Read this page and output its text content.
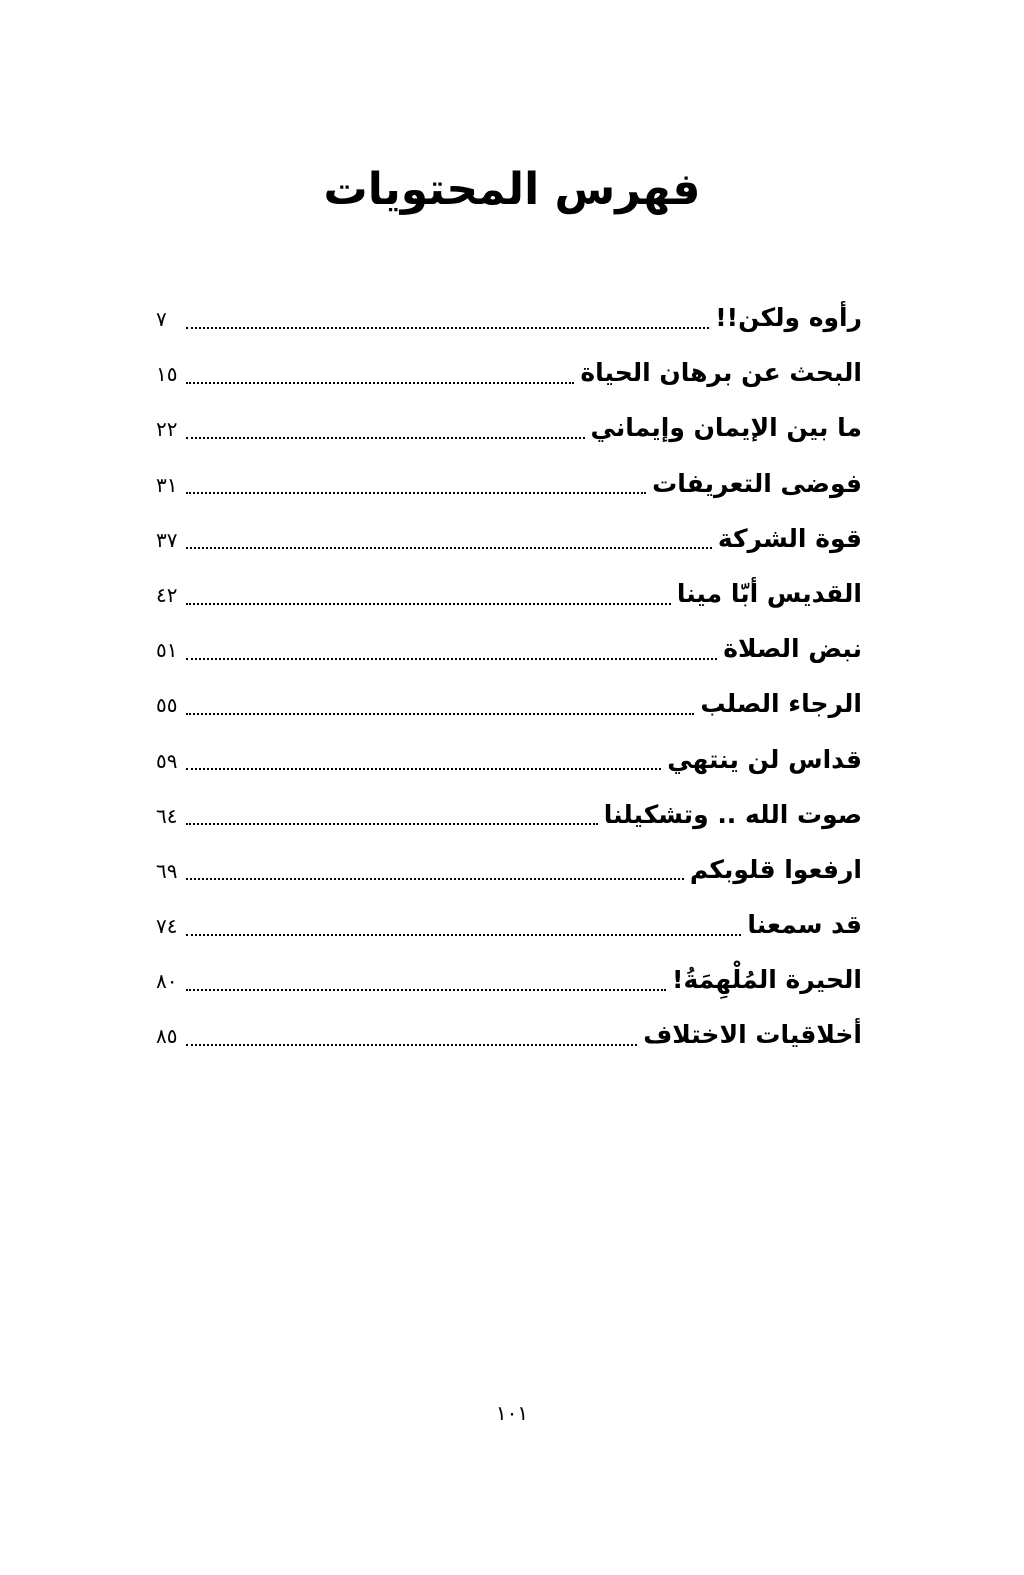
فهرس المحتويات
رأوه ولكن!!
٧
البحث عن برهان الحياة
١٥
ما بين الإيمان وإيماني
٢٢
فوضى التعريفات
٣١
قوة الشركة
٣٧
القديس أبّا مينا
٤٢
نبض الصلاة
٥١
الرجاء الصلب
٥٥
قداس لن ينتهي
٥٩
صوت الله .. وتشكيلنا
٦٤
ارفعوا قلوبكم
٦٩
قد سمعنا
٧٤
الحيرة المُلْهِمَةُ!
٨٠
أخلاقيات الاختلاف
٨٥
١٠١
